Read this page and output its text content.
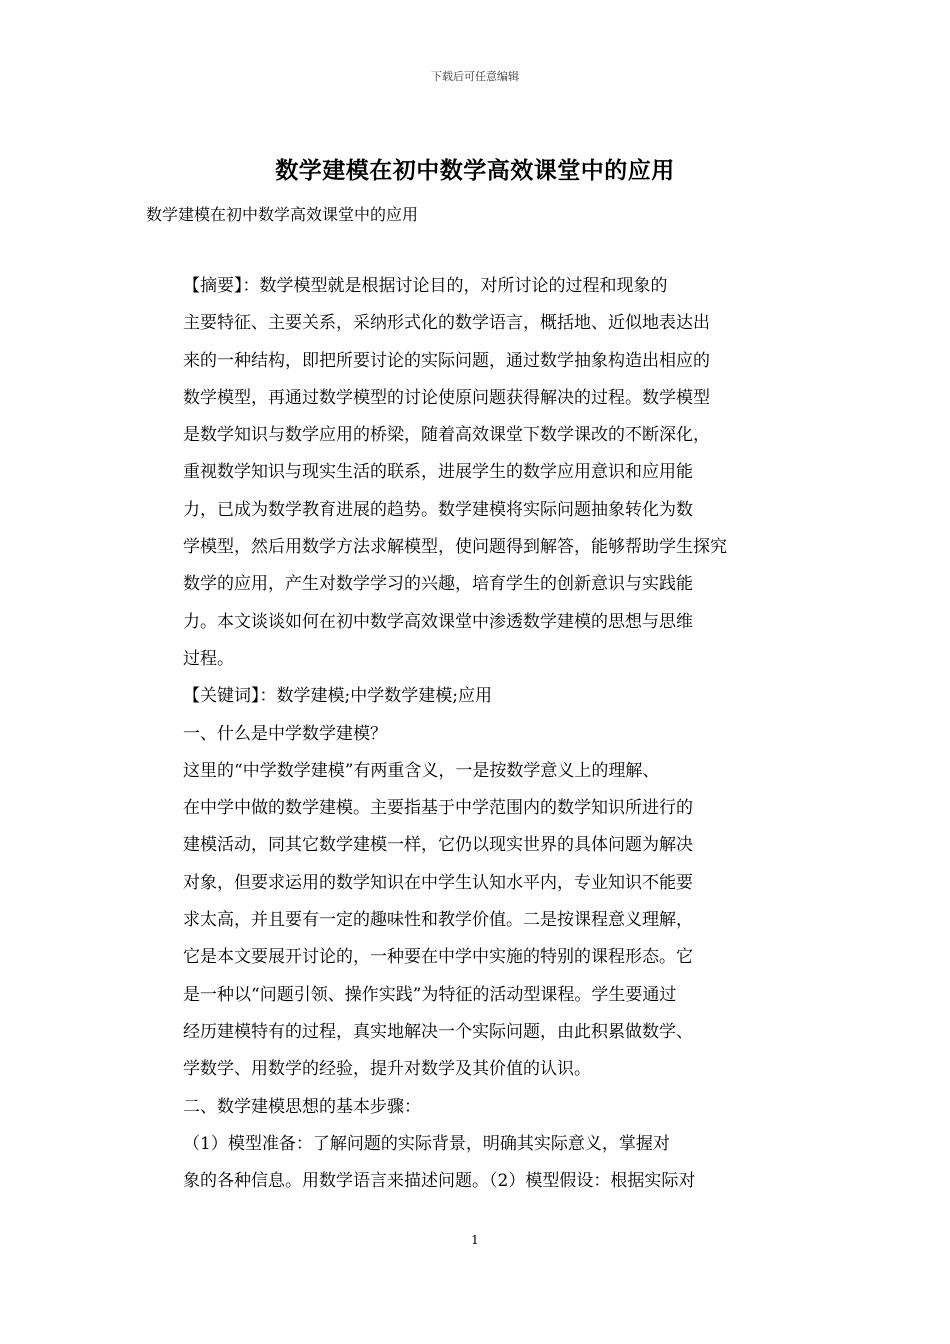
下载后可任意编辑
数学建模在初中数学高效课堂中的应用
数学建模在初中数学高效课堂中的应用
【摘要】：数学模型就是根据讨论目的，对所讨论的过程和现象的
主要特征、主要关系，采纳形式化的数学语言，概括地、近似地表达出
来的一种结构，即把所要讨论的实际问题，通过数学抽象构造出相应的
数学模型，再通过数学模型的讨论使原问题获得解决的过程。数学模型
是数学知识与数学应用的桥梁，随着高效课堂下数学课改的不断深化，
重视数学知识与现实生活的联系，进展学生的数学应用意识和应用能
力，已成为数学教育进展的趋势。数学建模将实际问题抽象转化为数
学模型，然后用数学方法求解模型，使问题得到解答，能够帮助学生探究
数学的应用，产生对数学学习的兴趣，培育学生的创新意识与实践能
力。本文谈谈如何在初中数学高效课堂中渗透数学建模的思想与思维
过程。
【关键词】：数学建模;中学数学建模;应用
一、什么是中学数学建模？
这里的“中学数学建模”有两重含义，一是按数学意义上的理解、
在中学中做的数学建模。主要指基于中学范围内的数学知识所进行的
建模活动，同其它数学建模一样，它仍以现实世界的具体问题为解决
对象，但要求运用的数学知识在中学生认知水平内，专业知识不能要
求太高，并且要有一定的趣味性和教学价值。二是按课程意义理解，
它是本文要展开讨论的，一种要在中学中实施的特别的课程形态。它
是一种以“问题引领、操作实践”为特征的活动型课程。学生要通过
经历建模特有的过程，真实地解决一个实际问题，由此积累做数学、
学数学、用数学的经验，提升对数学及其价值的认识。
二、数学建模思想的基本步骤：
（1）模型准备：了解问题的实际背景，明确其实际意义，掌握对
象的各种信息。用数学语言来描述问题。（2）模型假设：根据实际对
1
